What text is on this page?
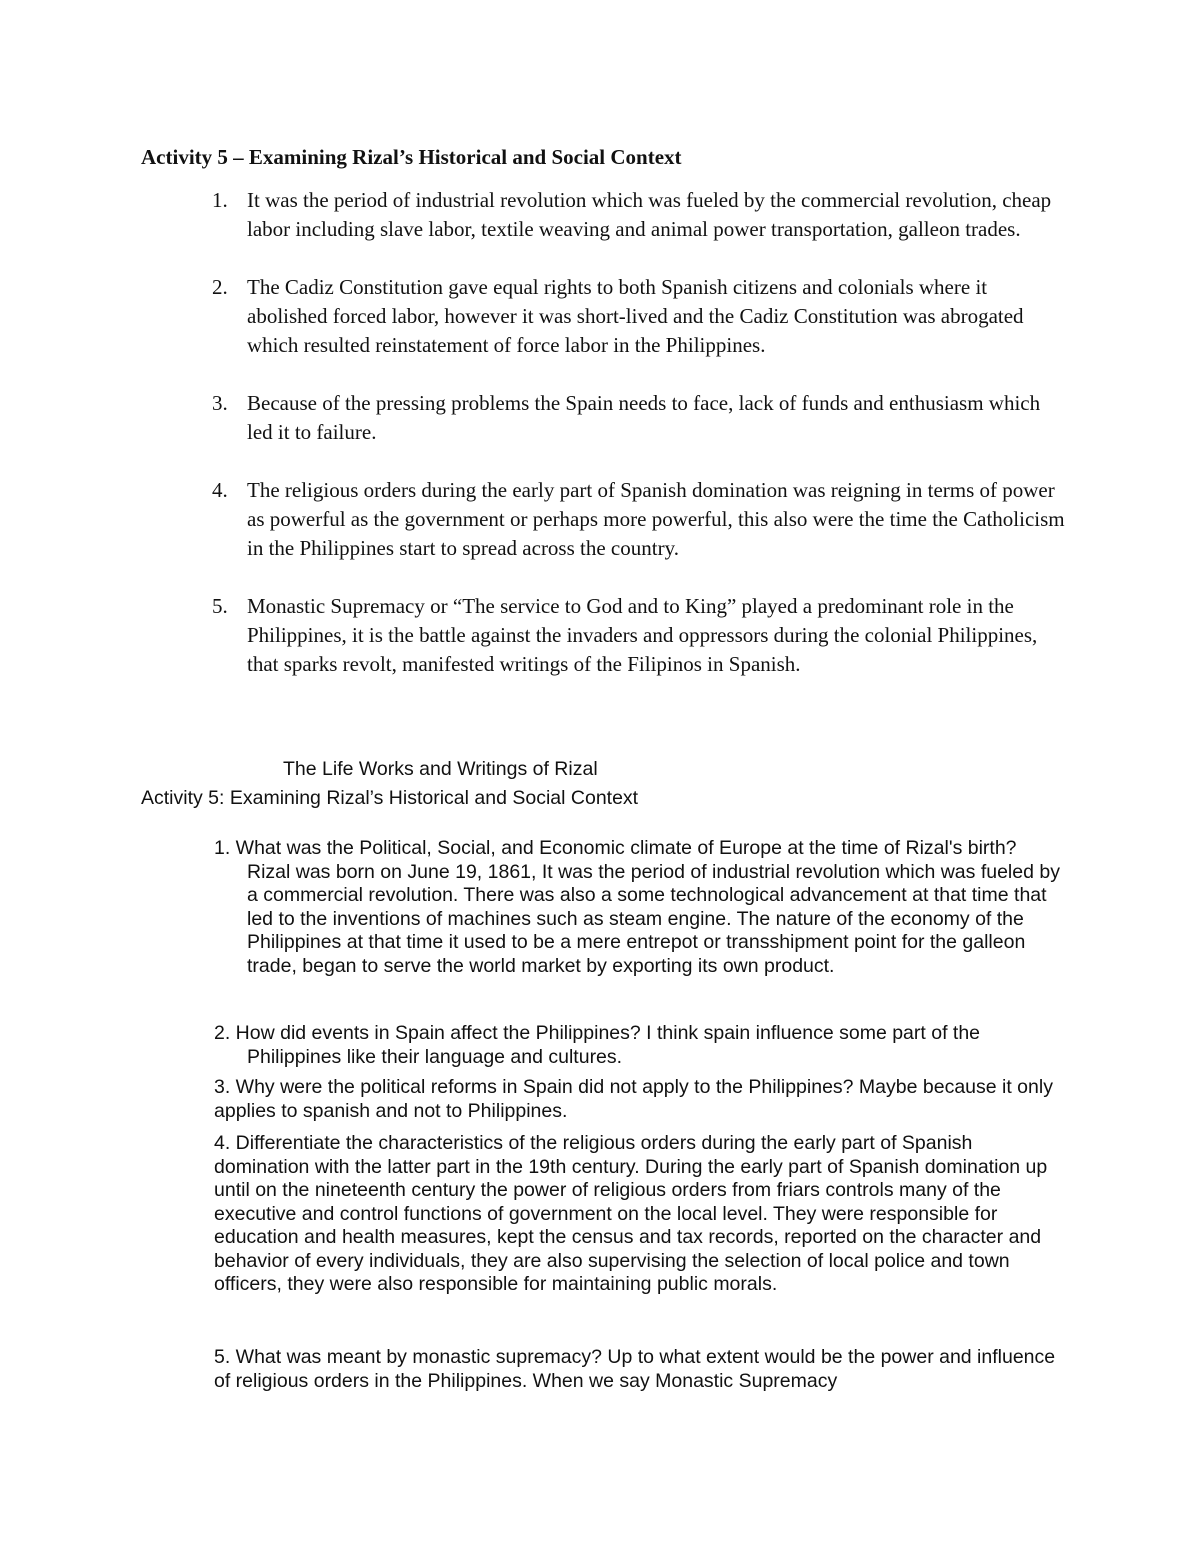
Activity 5 – Examining Rizal’s Historical and Social Context
1. It was the period of industrial revolution which was fueled by the commercial revolution, cheap labor including slave labor, textile weaving and animal power transportation, galleon trades.
2. The Cadiz Constitution gave equal rights to both Spanish citizens and colonials where it abolished forced labor, however it was short-lived and the Cadiz Constitution was abrogated which resulted reinstatement of force labor in the Philippines.
3. Because of the pressing problems the Spain needs to face, lack of funds and enthusiasm which led it to failure.
4. The religious orders during the early part of Spanish domination was reigning in terms of power as powerful as the government or perhaps more powerful, this also were the time the Catholicism in the Philippines start to spread across the country.
5. Monastic Supremacy or “The service to God and to King” played a predominant role in the Philippines, it is the battle against the invaders and oppressors during the colonial Philippines, that sparks revolt, manifested writings of the Filipinos in Spanish.

The Life Works and Writings of Rizal

Activity 5: Examining Rizal’s Historical and Social Context

1. What was the Political, Social, and Economic climate of Europe at the time of Rizal's birth? Rizal was born on June 19, 1861, It was the period of industrial revolution which was fueled by a commercial revolution. There was also a some technological advancement at that time that led to the inventions of machines such as steam engine. The nature of the economy of the Philippines at that time it used to be a mere entrepot or transshipment point for the galleon trade, began to serve the world market by exporting its own product.

2. How did events in Spain affect the Philippines? I think spain influence some part of the Philippines like their language and cultures.

3. Why were the political reforms in Spain did not apply to the Philippines? Maybe because it only applies to spanish and not to Philippines.

4. Differentiate the characteristics of the religious orders during the early part of Spanish domination with the latter part in the 19th century. During the early part of Spanish domination up until on the nineteenth century the power of religious orders from friars controls many of the executive and control functions of government on the local level. They were responsible for education and health measures, kept the census and tax records, reported on the character and behavior of every individuals, they are also supervising the selection of local police and town officers, they were also responsible for maintaining public morals.

5. What was meant by monastic supremacy? Up to what extent would be the power and influence of religious orders in the Philippines. When we say Monastic Supremacy
